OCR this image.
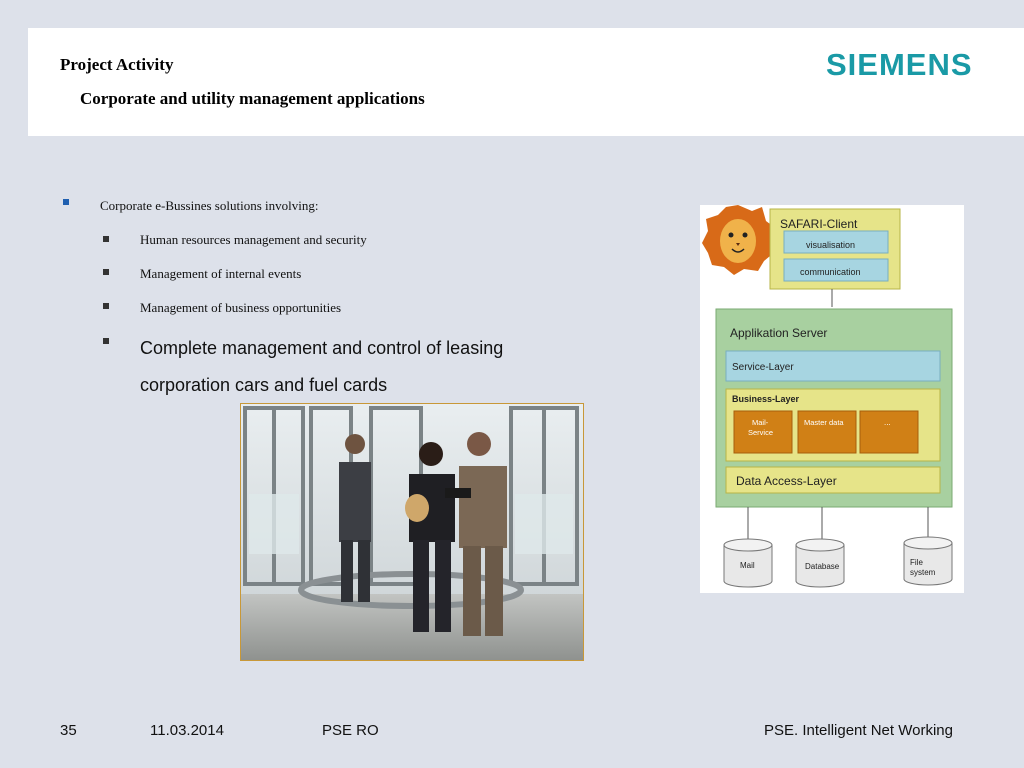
Project Activity
Corporate and utility management applications
SIEMENS
Corporate e-Bussines solutions involving:
Human resources management and security
Management of internal events
Management of business opportunities
Complete management and control of leasing
corporation cars and fuel cards
SAFARI-Client
visualisation
communication
Applikation Server
Service-Layer
Business-Layer
Mail-
Service
Master data	...
Data Access-Layer
Mail	Database	File
system
35	11.03.2014	PSE RO	PSE. Intelligent Net Working
